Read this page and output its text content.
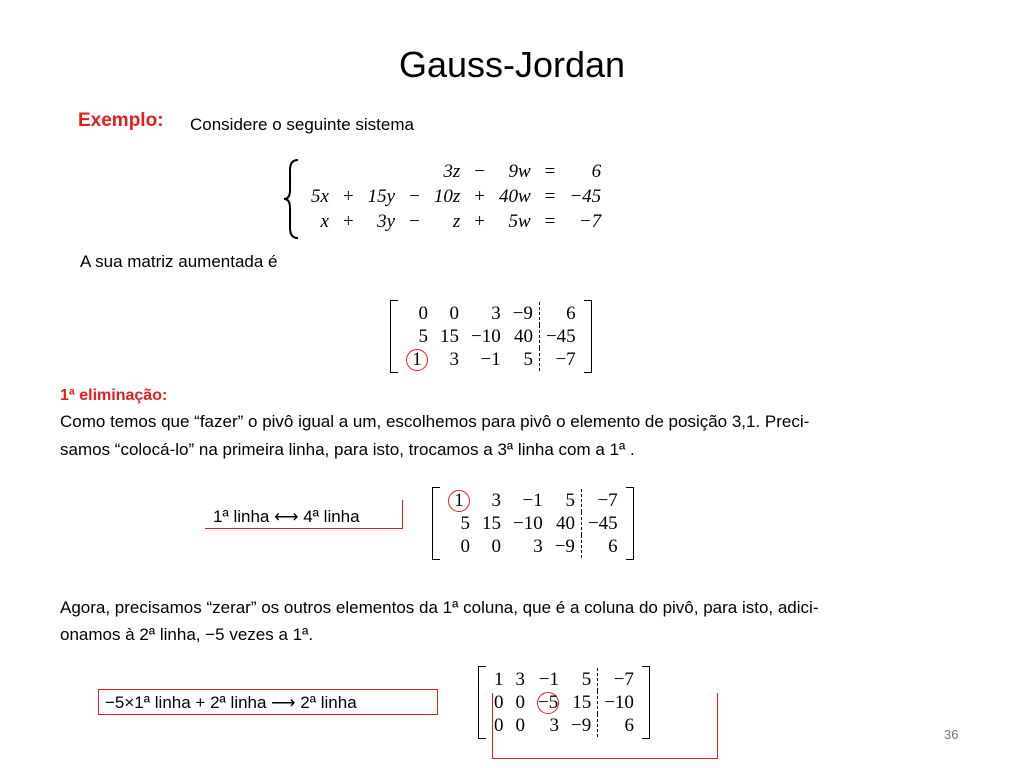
Gauss-Jordan
Exemplo: Considere o seguinte sistema
				3z	−	9w	=	6
5x	+	15y	−	10z	+	40w	=	−45
x	+	3y	−	z	+	5w	=	−7
A sua matriz aumentada é
0	0	3	−9	6
5	15	−10	40	−45
1	3	−1	5	−7
1ª eliminação:
Como temos que “fazer” o pivô igual a um, escolhemos para pivô o elemento de posição 3,1. Preci-
samos “colocá-lo” na primeira linha, para isto, trocamos a 3ª linha com a 1ª .
1ª linha ⟷ 4ª linha
1	3	−1	5	−7
5	15	−10	40	−45
0	0	3	−9	6
Agora, precisamos “zerar” os outros elementos da 1ª coluna, que é a coluna do pivô, para isto, adici-
onamos à 2ª linha, −5 vezes a 1ª.
−5×1ª linha + 2ª linha ⟶ 2ª linha
1	3	−1	5	−7
0	0	−5	15	−10
0	0	3	−9	6	36
